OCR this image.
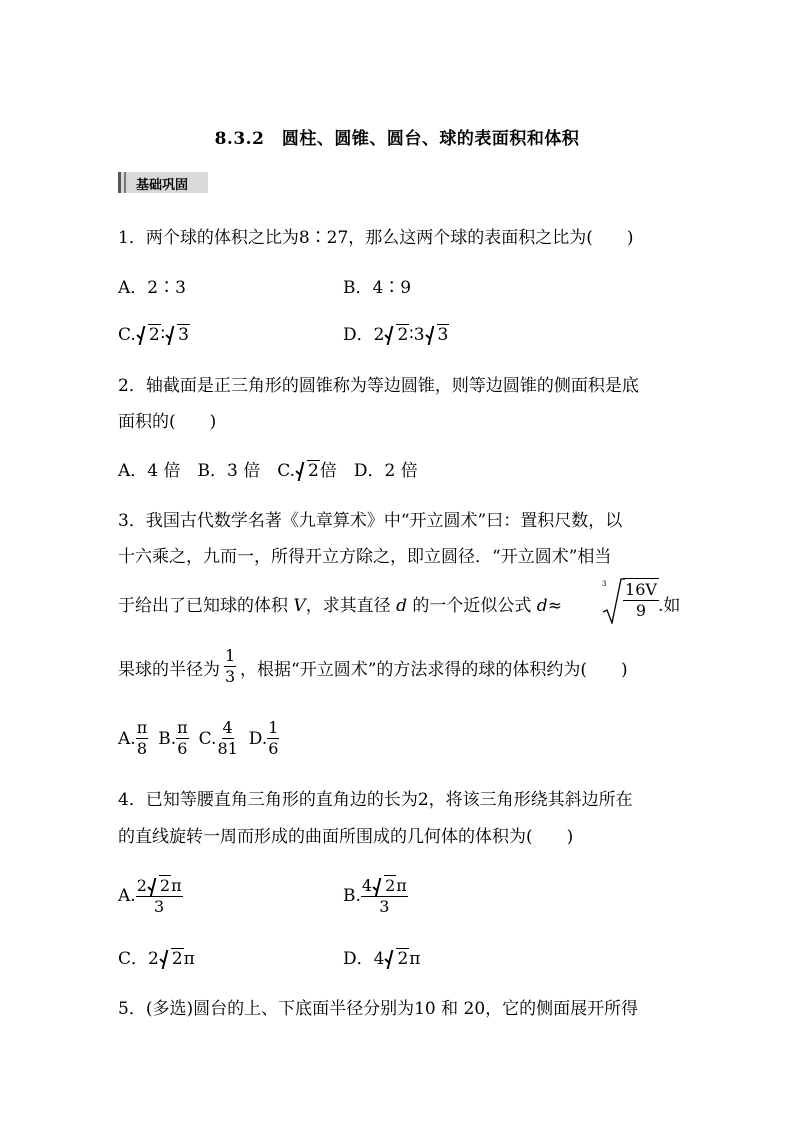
8.3.2　圆柱、圆锥、圆台、球的表面积和体积
基础巩固
1．两个球的体积之比为8∶27，那么这两个球的表面积之比为(　　)
A．2∶3	B．4∶9
C. 2∶ 3	D．2 2∶3 3
2．轴截面是正三角形的圆锥称为等边圆锥，则等边圆锥的侧面积是底
面积的(　　)
A．4 倍　B．3 倍　C. 2倍　D．2 倍
3．我国古代数学名著《九章算术》中“开立圆术”曰：置积尺数，以
十六乘之，九而一，所得开立方除之，即立圆径．“开立圆术”相当
于给出了已知球的体积 V，求其直径 d 的一个近似公式 d≈
$3 \frac{16V}{9}$ .如
果球的半径为 $\frac{1}{3}$ ，根据“开立圆术”的方法求得的球的体积约为(　　)
A. $\frac{\pi}{8} B$. $\frac{\pi}{6} C$. $\frac{4}{81} D$. $\frac{1}{6}$
4．已知等腰直角三角形的直角边的长为2，将该三角形绕其斜边所在
的直线旋转一周而形成的曲面所围成的几何体的体积为(　　)
A. $\frac{2 2\pi}{3}$	B. $\frac{4 2\pi}{3}$
C．2 2π	D．4 2π
5．(多选)圆台的上、下底面半径分别为10 和 20，它的侧面展开所得
